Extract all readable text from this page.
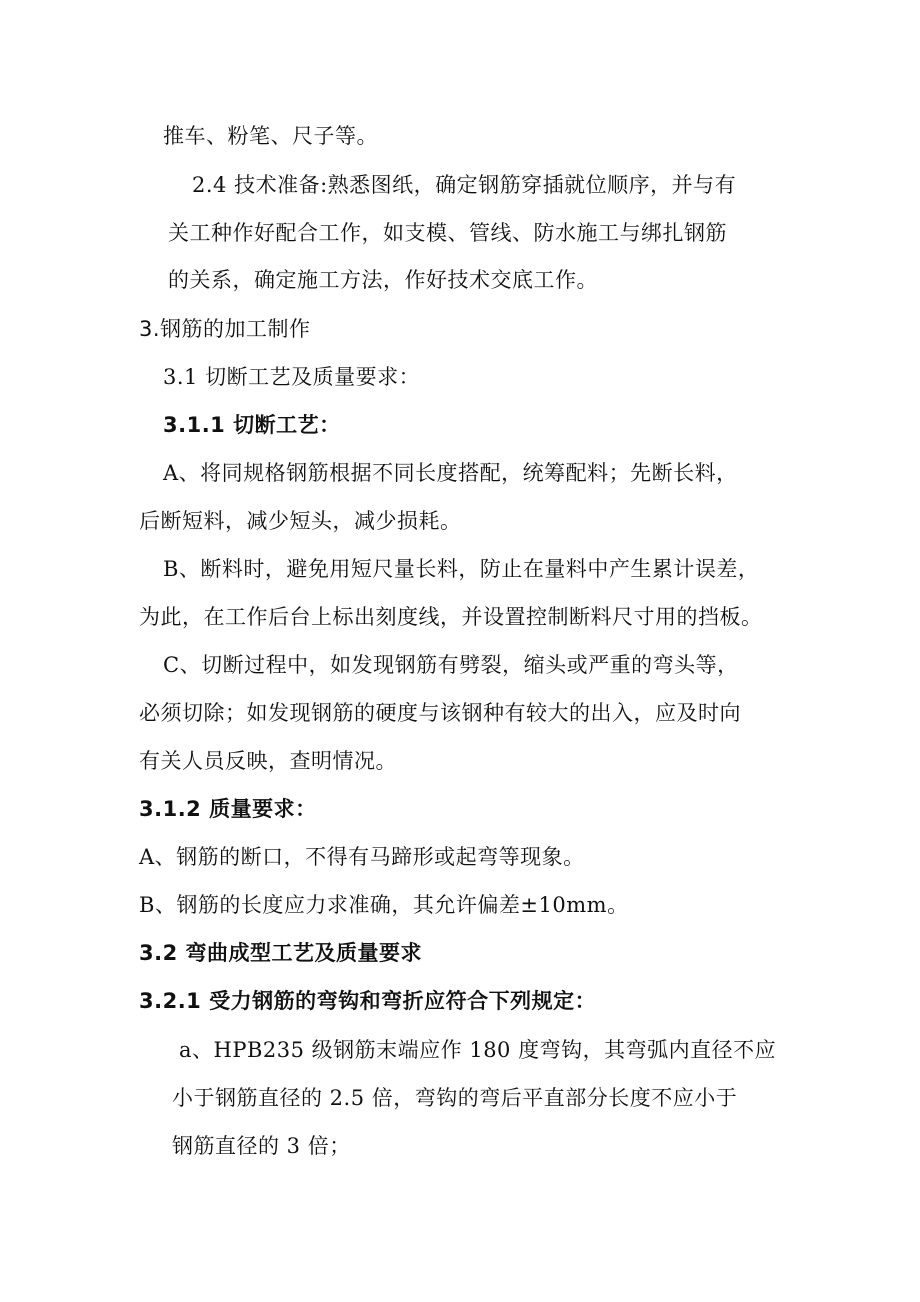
推车、粉笔、尺子等。
2.4 技术准备:熟悉图纸，确定钢筋穿插就位顺序，并与有
关工种作好配合工作，如支模、管线、防水施工与绑扎钢筋
的关系，确定施工方法，作好技术交底工作。
3.钢筋的加工制作
3.1 切断工艺及质量要求：
3.1.1 切断工艺：
A、将同规格钢筋根据不同长度搭配，统筹配料；先断长料，
后断短料，减少短头，减少损耗。
B、断料时，避免用短尺量长料，防止在量料中产生累计误差，
为此，在工作后台上标出刻度线，并设置控制断料尺寸用的挡板。
C、切断过程中，如发现钢筋有劈裂，缩头或严重的弯头等，
必须切除；如发现钢筋的硬度与该钢种有较大的出入，应及时向
有关人员反映，查明情况。
3.1.2 质量要求：
A、钢筋的断口，不得有马蹄形或起弯等现象。
B、钢筋的长度应力求准确，其允许偏差±10mm。
3.2 弯曲成型工艺及质量要求
3.2.1 受力钢筋的弯钩和弯折应符合下列规定：
a、HPB235 级钢筋末端应作 180 度弯钩，其弯弧内直径不应
小于钢筋直径的 2.5 倍，弯钩的弯后平直部分长度不应小于
钢筋直径的 3 倍；
